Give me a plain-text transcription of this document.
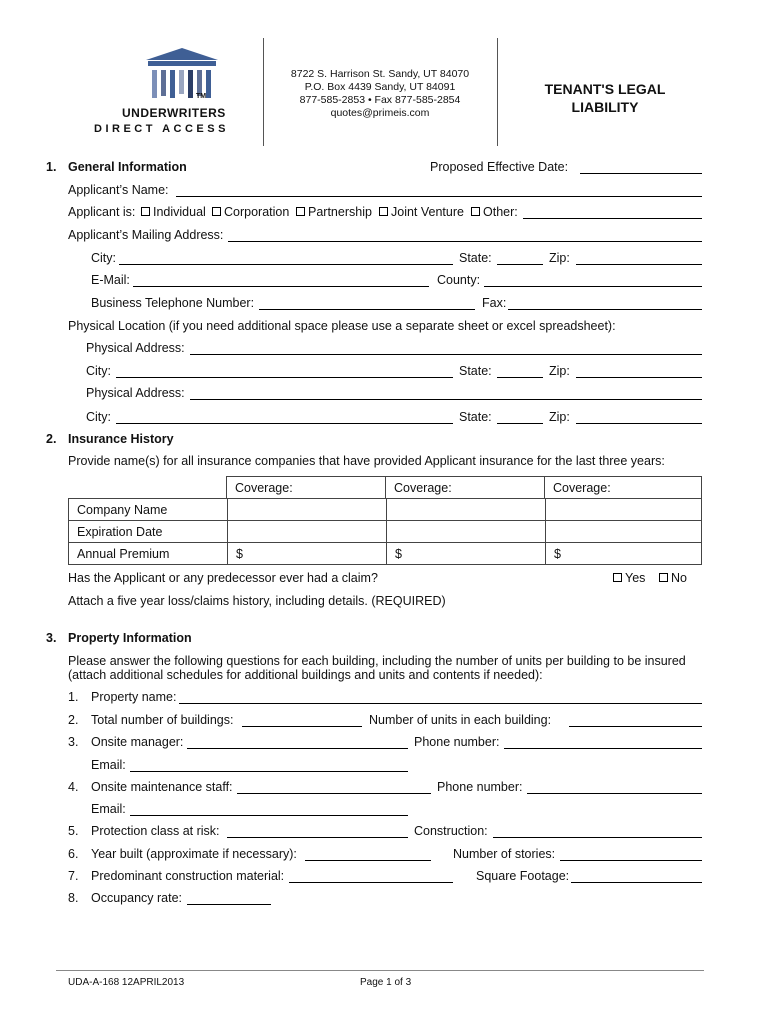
TM
UNDERWRITERS
DIRECT ACCESS
8722 S. Harrison St. Sandy, UT 84070
P.O. Box 4439 Sandy, UT 84091
877-585-2853 • Fax 877-585-2854
quotes@primeis.com
TENANT'S LEGAL
LIABILITY
1. General Information	Proposed Effective Date:
Applicant’s Name:
Applicant is:	Individual	Corporation	Partnership	Joint Venture	Other:
Applicant’s Mailing Address:
City:	State:	Zip:
E-Mail:	County:
Business Telephone Number:	Fax:
Physical Location (if you need additional space please use a separate sheet or excel spreadsheet):
Physical Address:
City:	State:	Zip:
Physical Address:
City:	State:	Zip:
2. Insurance History
Provide name(s) for all insurance companies that have provided Applicant insurance for the last three years:
Coverage:	Coverage:	Coverage:
Company Name			
Expiration Date			
Annual Premium	$	$	$
Has the Applicant or any predecessor ever had a claim?	Yes	No
Attach a five year loss/claims history, including details. (REQUIRED)
3. Property Information
Please answer the following questions for each building, including the number of units per building to be insured
(attach additional schedules for additional buildings and units and contents if needed):
1. Property name:
2. Total number of buildings:	Number of units in each building:
3. Onsite manager:	Phone number:
Email:
4. Onsite maintenance staff:	Phone number:
Email:
5. Protection class at risk:	Construction:
6. Year built (approximate if necessary):	Number of stories:
7. Predominant construction material:	Square Footage:
8. Occupancy rate:
UDA-A-168 12APRIL2013	Page 1 of 3
